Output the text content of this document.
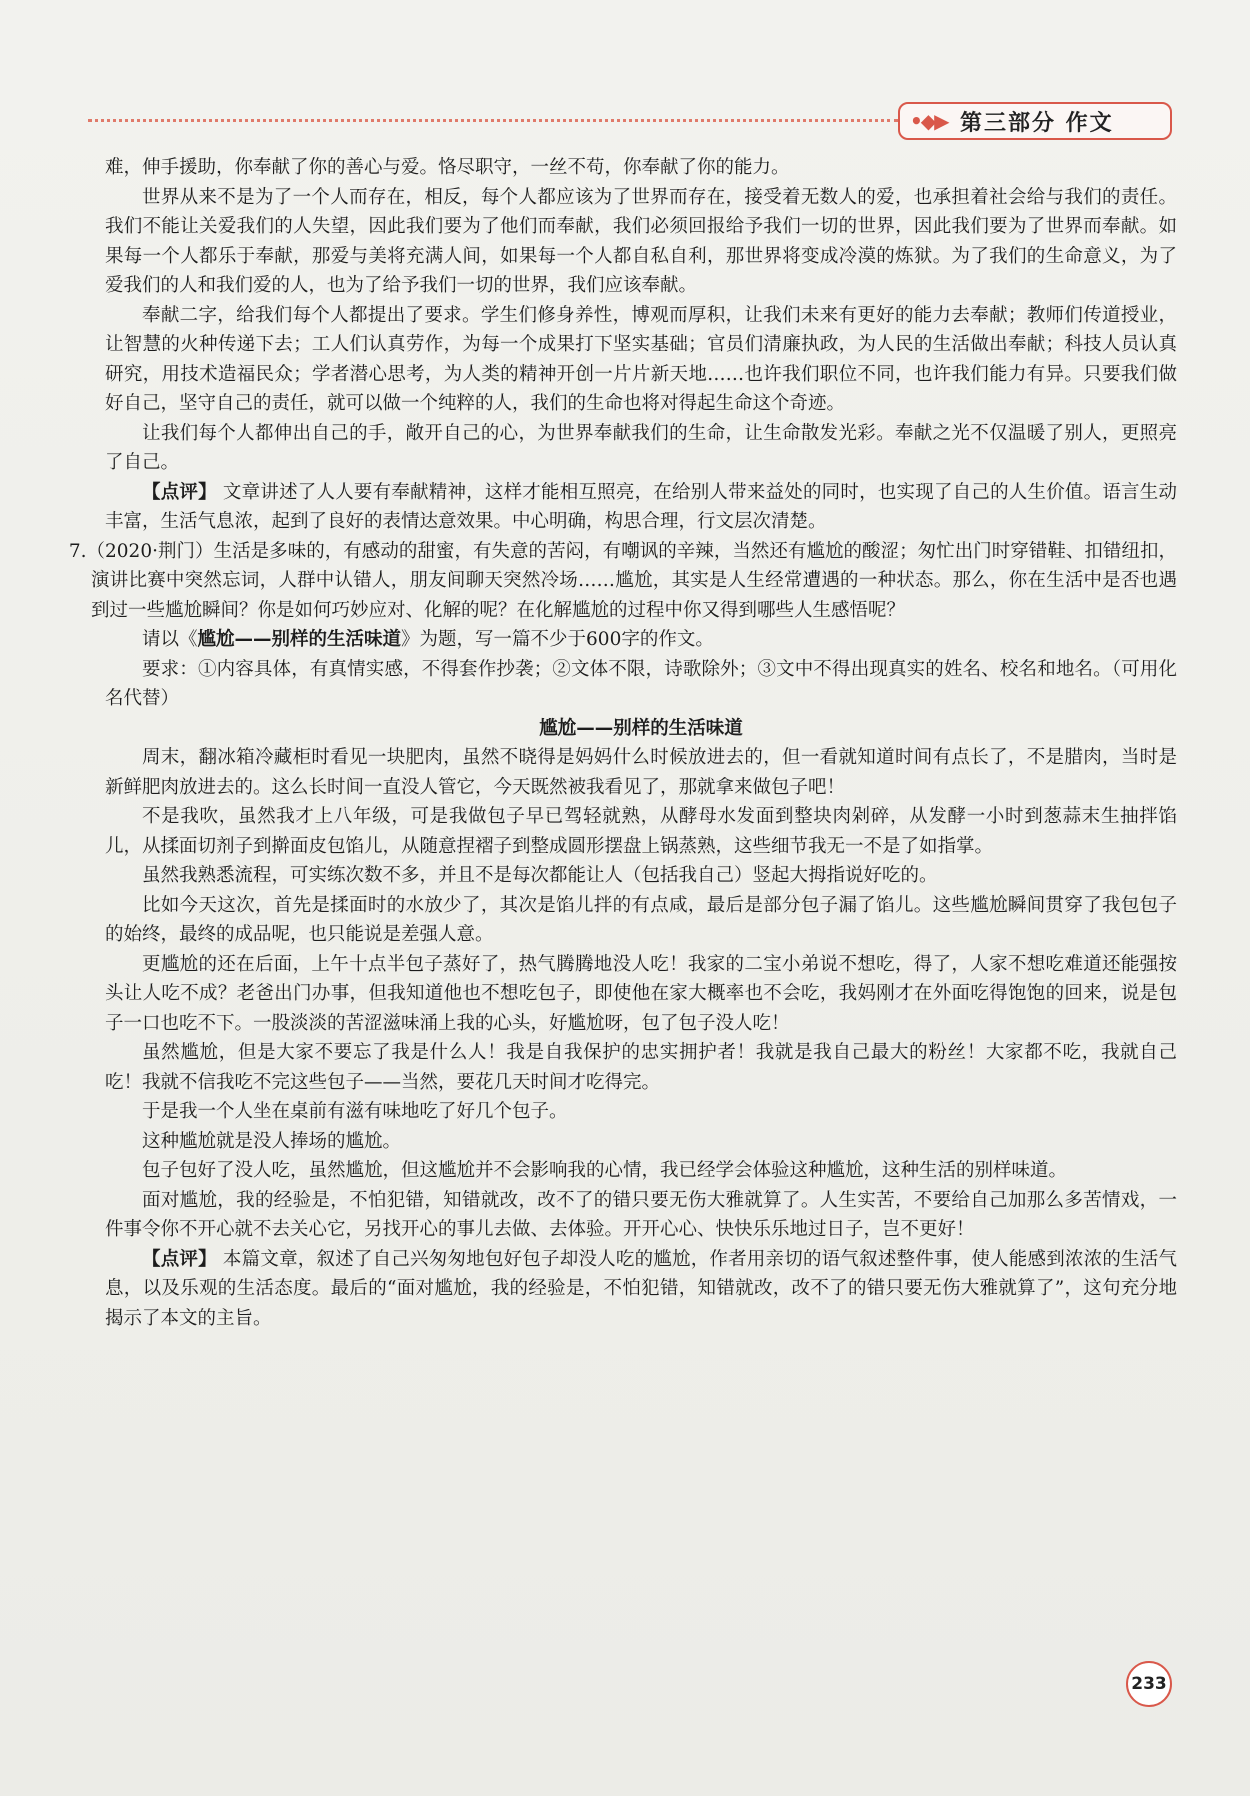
•◆▶ 第三部分 作文

难，伸手援助，你奉献了你的善心与爱。恪尽职守，一丝不苟，你奉献了你的能力。

世界从来不是为了一个人而存在，相反，每个人都应该为了世界而存在，接受着无数人的爱，也承担着社会给与我们的责任。我们不能让关爱我们的人失望，因此我们要为了他们而奉献，我们必须回报给予我们一切的世界，因此我们要为了世界而奉献。如果每一个人都乐于奉献，那爱与美将充满人间，如果每一个人都自私自利，那世界将变成冷漠的炼狱。为了我们的生命意义，为了爱我们的人和我们爱的人，也为了给予我们一切的世界，我们应该奉献。

奉献二字，给我们每个人都提出了要求。学生们修身养性，博观而厚积，让我们未来有更好的能力去奉献；教师们传道授业，让智慧的火种传递下去；工人们认真劳作，为每一个成果打下坚实基础；官员们清廉执政，为人民的生活做出奉献；科技人员认真研究，用技术造福民众；学者潜心思考，为人类的精神开创一片片新天地……也许我们职位不同，也许我们能力有异。只要我们做好自己，坚守自己的责任，就可以做一个纯粹的人，我们的生命也将对得起生命这个奇迹。

让我们每个人都伸出自己的手，敞开自己的心，为世界奉献我们的生命，让生命散发光彩。奉献之光不仅温暖了别人，更照亮了自己。

【点评】 文章讲述了人人要有奉献精神，这样才能相互照亮，在给别人带来益处的同时，也实现了自己的人生价值。语言生动丰富，生活气息浓，起到了良好的表情达意效果。中心明确，构思合理，行文层次清楚。

7.（2020·荆门）生活是多味的，有感动的甜蜜，有失意的苦闷，有嘲讽的辛辣，当然还有尴尬的酸涩；匆忙出门时穿错鞋、扣错纽扣，演讲比赛中突然忘词，人群中认错人，朋友间聊天突然冷场……尴尬，其实是人生经常遭遇的一种状态。那么，你在生活中是否也遇到过一些尴尬瞬间？你是如何巧妙应对、化解的呢？在化解尴尬的过程中你又得到哪些人生感悟呢？

请以《尴尬——别样的生活味道》为题，写一篇不少于600字的作文。

要求：①内容具体，有真情实感，不得套作抄袭；②文体不限，诗歌除外；③文中不得出现真实的姓名、校名和地名。（可用化名代替）

尴尬——别样的生活味道

周末，翻冰箱冷藏柜时看见一块肥肉，虽然不晓得是妈妈什么时候放进去的，但一看就知道时间有点长了，不是腊肉，当时是新鲜肥肉放进去的。这么长时间一直没人管它，今天既然被我看见了，那就拿来做包子吧！

不是我吹，虽然我才上八年级，可是我做包子早已驾轻就熟，从酵母水发面到整块肉剁碎，从发酵一小时到葱蒜末生抽拌馅儿，从揉面切剂子到擀面皮包馅儿，从随意捏褶子到整成圆形摆盘上锅蒸熟，这些细节我无一不是了如指掌。

虽然我熟悉流程，可实练次数不多，并且不是每次都能让人（包括我自己）竖起大拇指说好吃的。

比如今天这次，首先是揉面时的水放少了，其次是馅儿拌的有点咸，最后是部分包子漏了馅儿。这些尴尬瞬间贯穿了我包包子的始终，最终的成品呢，也只能说是差强人意。

更尴尬的还在后面，上午十点半包子蒸好了，热气腾腾地没人吃！我家的二宝小弟说不想吃，得了，人家不想吃难道还能强按头让人吃不成？老爸出门办事，但我知道他也不想吃包子，即使他在家大概率也不会吃，我妈刚才在外面吃得饱饱的回来，说是包子一口也吃不下。一股淡淡的苦涩滋味涌上我的心头，好尴尬呀，包了包子没人吃！

虽然尴尬，但是大家不要忘了我是什么人！我是自我保护的忠实拥护者！我就是我自己最大的粉丝！大家都不吃，我就自己吃！我就不信我吃不完这些包子——当然，要花几天时间才吃得完。

于是我一个人坐在桌前有滋有味地吃了好几个包子。

这种尴尬就是没人捧场的尴尬。

包子包好了没人吃，虽然尴尬，但这尴尬并不会影响我的心情，我已经学会体验这种尴尬，这种生活的别样味道。

面对尴尬，我的经验是，不怕犯错，知错就改，改不了的错只要无伤大雅就算了。人生实苦，不要给自己加那么多苦情戏，一件事令你不开心就不去关心它，另找开心的事儿去做、去体验。开开心心、快快乐乐地过日子，岂不更好！

【点评】 本篇文章，叙述了自己兴匆匆地包好包子却没人吃的尴尬，作者用亲切的语气叙述整件事，使人能感到浓浓的生活气息，以及乐观的生活态度。最后的“面对尴尬，我的经验是，不怕犯错，知错就改，改不了的错只要无伤大雅就算了”，这句充分地揭示了本文的主旨。

233
